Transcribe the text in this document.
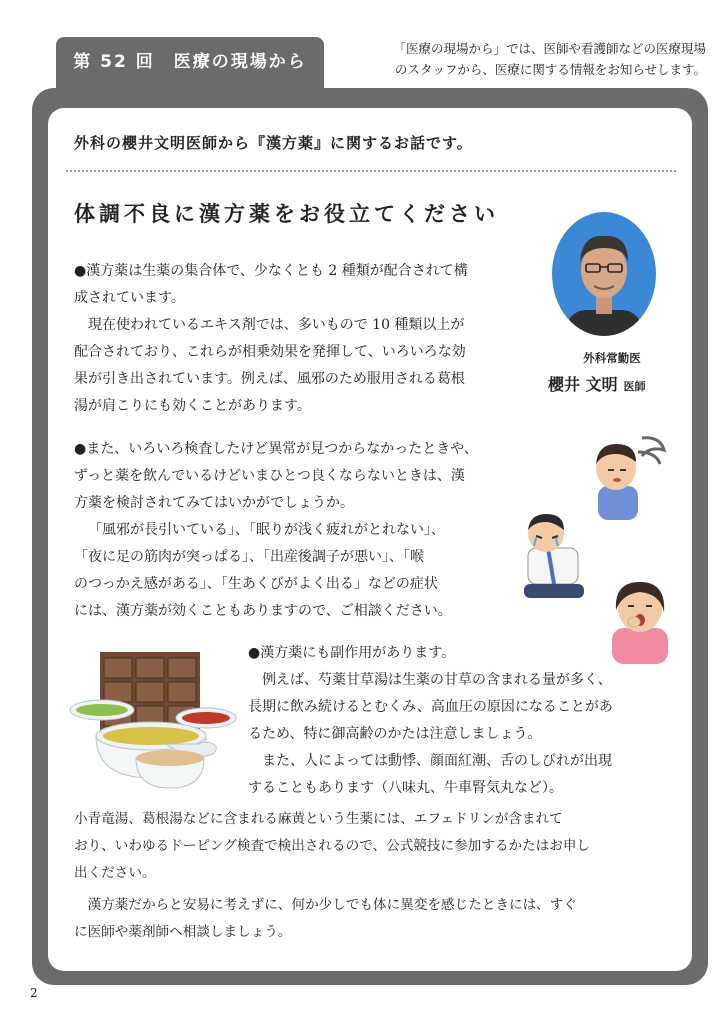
第 52 回　医療の現場から
「医療の現場から」では、医師や看護師などの医療現場
のスタッフから、医療に関する情報をお知らせします。
外科の櫻井文明医師から『漢方薬』に関するお話です。
体調不良に漢方薬をお役立てください
外科常勤医
櫻井 文明 医師

●漢方薬は生薬の集合体で、少なくとも 2 種類が配合されて構

成されています。

現在使われているエキス剤では、多いもので 10 種類以上が

配合されており、これらが相乗効果を発揮して、いろいろな効

果が引き出されています。例えば、風邪のため服用される葛根

湯が肩こりにも効くことがあります。

●また、いろいろ検査したけど異常が見つからなかったときや、

ずっと薬を飲んでいるけどいまひとつ良くならないときは、漢

方薬を検討されてみてはいかがでしょうか。

「風邪が長引いている」、「眠りが浅く疲れがとれない」、

「夜に足の筋肉が突っぱる」、「出産後調子が悪い」、「喉

のつっかえ感がある」、「生あくびがよく出る」などの症状

には、漢方薬が効くこともありますので、ご相談ください。

●漢方薬にも副作用があります。

例えば、芍薬甘草湯は生薬の甘草の含まれる量が多く、

長期に飲み続けるとむくみ、高血圧の原因になることがあ

るため、特に御高齢のかたは注意しましょう。

また、人によっては動悸、顔面紅潮、舌のしびれが出現

することもあります（八味丸、牛車腎気丸など）。

小青竜湯、葛根湯などに含まれる麻黄という生薬には、エフェドリンが含まれて

おり、いわゆるドーピング検査で検出されるので、公式競技に参加するかたはお申し

出ください。

漢方薬だからと安易に考えずに、何か少しでも体に異変を感じたときには、すぐ

に医師や薬剤師へ相談しましょう。

2
